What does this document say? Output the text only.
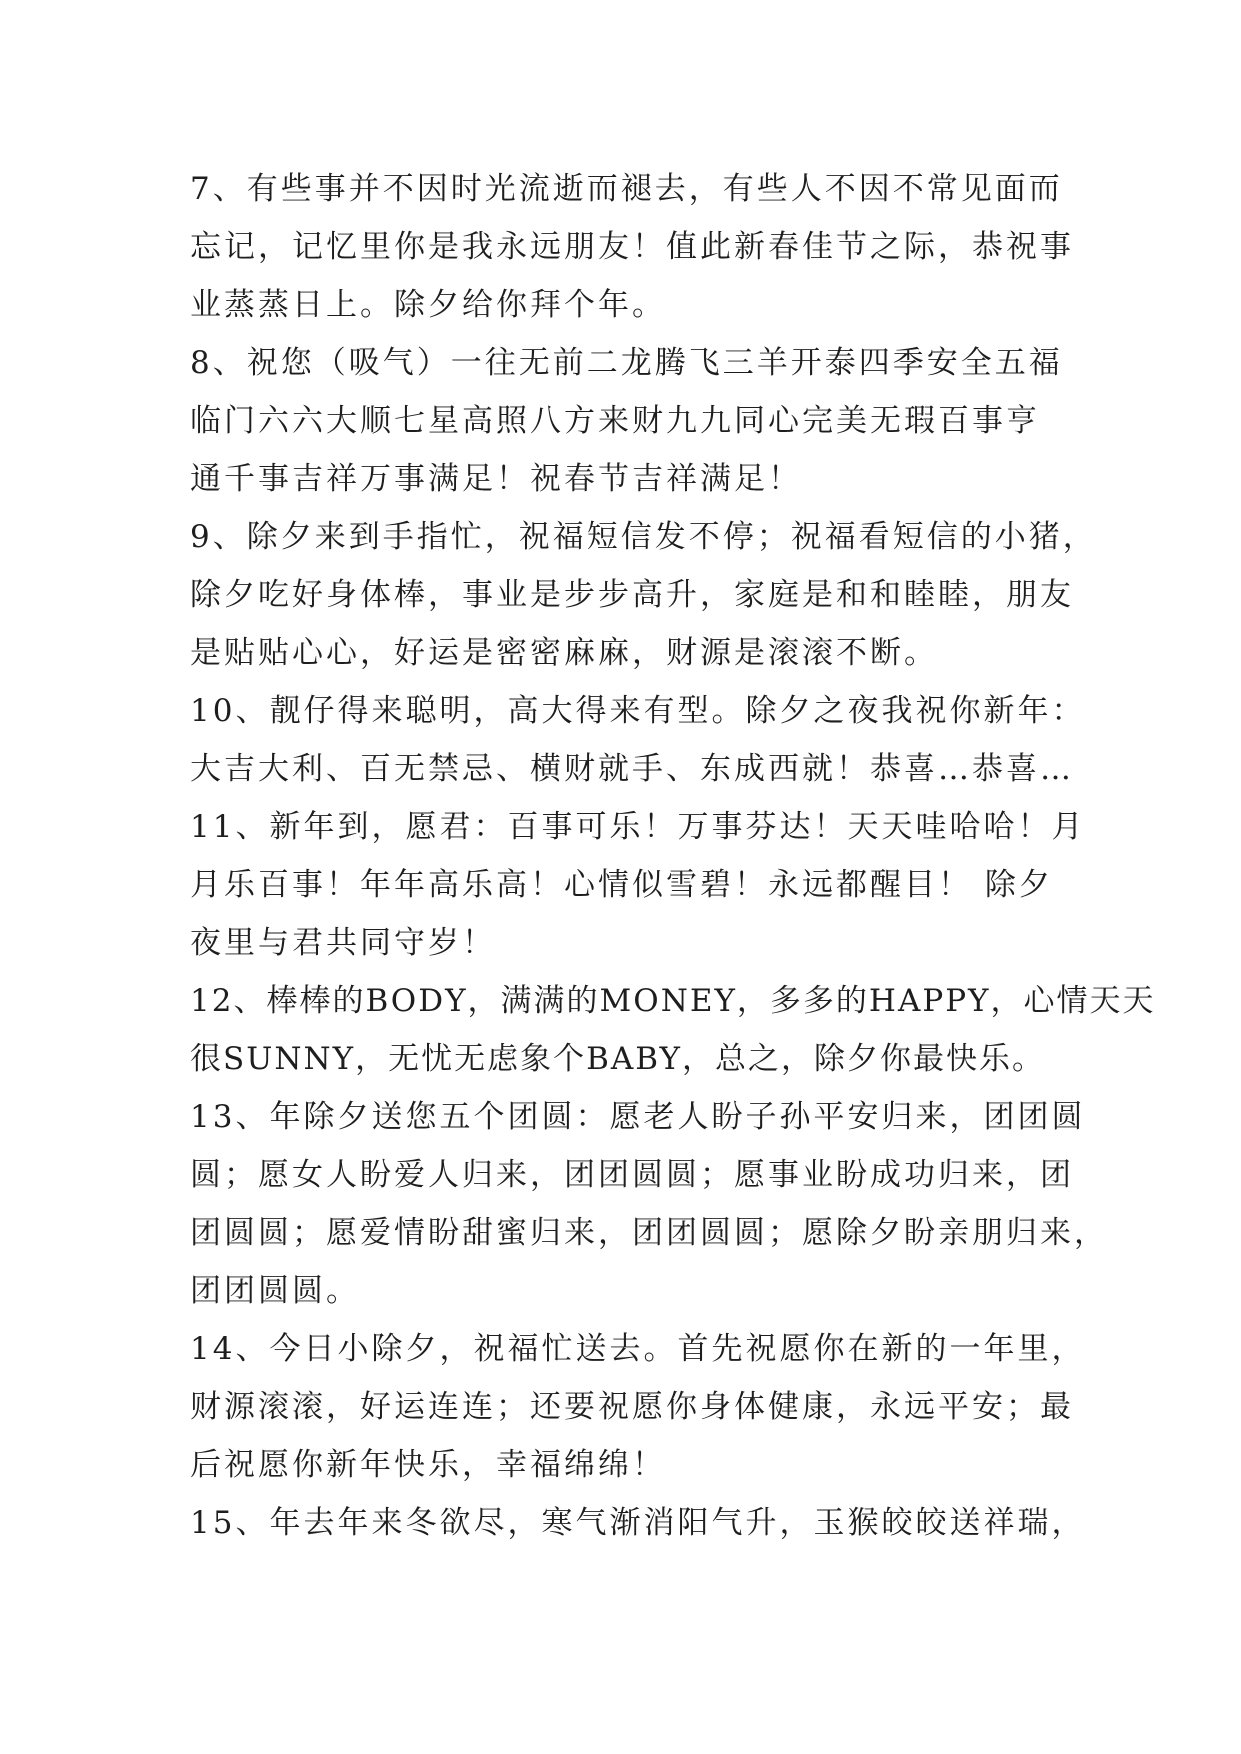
7、有些事并不因时光流逝而褪去，有些人不因不常见面而
忘记，记忆里你是我永远朋友！值此新春佳节之际，恭祝事
业蒸蒸日上。除夕给你拜个年。
8、祝您（吸气）一往无前二龙腾飞三羊开泰四季安全五福
临门六六大顺七星高照八方来财九九同心完美无瑕百事亨
通千事吉祥万事满足！祝春节吉祥满足！
9、除夕来到手指忙，祝福短信发不停；祝福看短信的小猪，
除夕吃好身体棒，事业是步步高升，家庭是和和睦睦，朋友
是贴贴心心，好运是密密麻麻，财源是滚滚不断。
10、靓仔得来聪明，高大得来有型。除夕之夜我祝你新年：
大吉大利、百无禁忌、横财就手、东成西就！恭喜…恭喜…
11、新年到，愿君：百事可乐！万事芬达！天天哇哈哈！月
月乐百事！年年高乐高！心情似雪碧！永远都醒目！ 除夕
夜里与君共同守岁！
12、棒棒的BODY，满满的MONEY，多多的HAPPY，心情天天
很SUNNY，无忧无虑象个BABY，总之，除夕你最快乐。
13、年除夕送您五个团圆：愿老人盼子孙平安归来，团团圆
圆；愿女人盼爱人归来，团团圆圆；愿事业盼成功归来，团
团圆圆；愿爱情盼甜蜜归来，团团圆圆；愿除夕盼亲朋归来，
团团圆圆。
14、今日小除夕，祝福忙送去。首先祝愿你在新的一年里，
财源滚滚，好运连连；还要祝愿你身体健康，永远平安；最
后祝愿你新年快乐，幸福绵绵！
15、年去年来冬欲尽，寒气渐消阳气升，玉猴皎皎送祥瑞，
